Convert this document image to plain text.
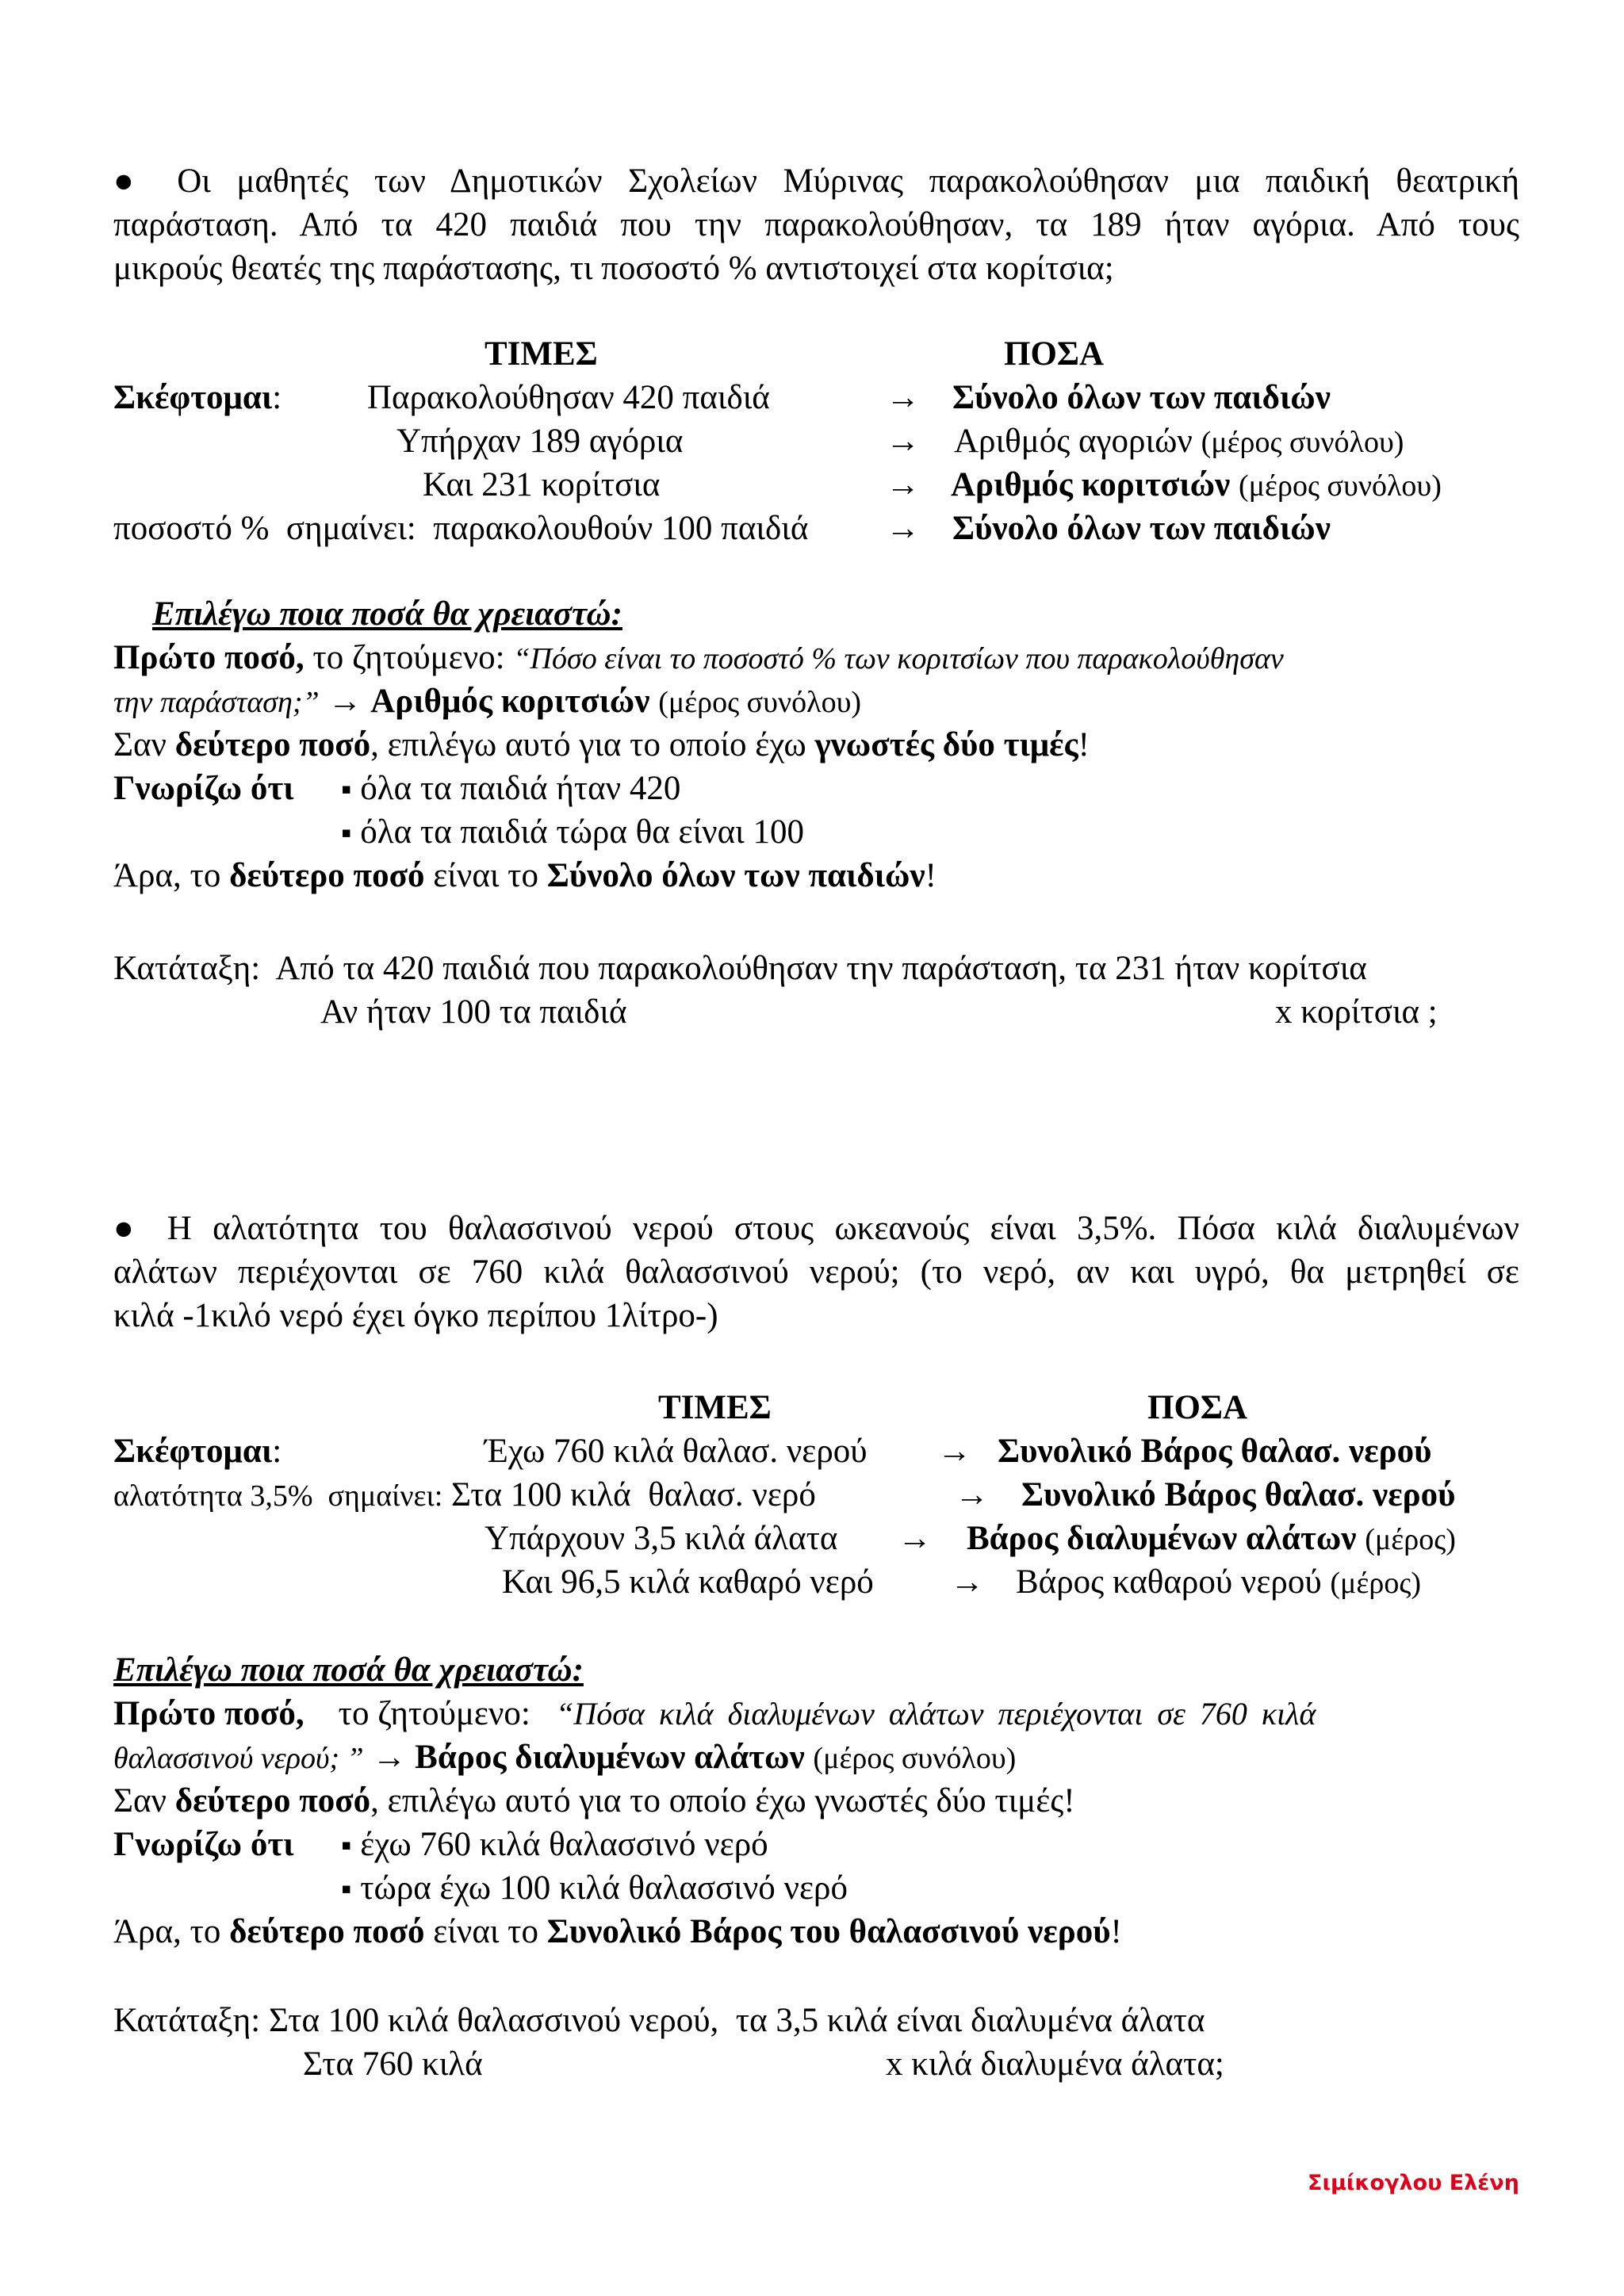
● Οι μαθητές των Δημοτικών Σχολείων Μύρινας παρακολούθησαν μια παιδική θεατρική
παράσταση. Από τα 420 παιδιά που την παρακολούθησαν, τα 189 ήταν αγόρια. Από τους
μικρούς θεατές της παράστασης, τι ποσοστό % αντιστοιχεί στα κορίτσια;
ΤΙΜΕΣ	ΠΟΣΑ
Σκέφτομαι:	Παρακολούθησαν 420 παιδιά	→ Σύνολο όλων των παιδιών
Υπήρχαν 189 αγόρια	→ Αριθμός αγοριών (μέρος συνόλου)
Και 231 κορίτσια	→ Αριθμός κοριτσιών (μέρος συνόλου)
ποσοστό %  σημαίνει: παρακολουθούν 100 παιδιά → Σύνολο όλων των παιδιών
Επιλέγω ποια ποσά θα χρειαστώ:
Πρώτο ποσό, το ζητούμενο: “Πόσο είναι το ποσοστό % των κοριτσίων που παρακολούθησαν
την παράσταση;” → Αριθμός κοριτσιών (μέρος συνόλου)
Σαν δεύτερο ποσό, επιλέγω αυτό για το οποίο έχω γνωστές δύο τιμές!
Γνωρίζω ότι ▪ όλα τα παιδιά ήταν 420
▪ όλα τα παιδιά τώρα θα είναι 100
Άρα, το δεύτερο ποσό είναι το Σύνολο όλων των παιδιών!
Κατάταξη:  Από τα 420 παιδιά που παρακολούθησαν την παράσταση, τα 231 ήταν κορίτσια
Αν ήταν 100 τα παιδιά	x κορίτσια ;
● Η αλατότητα του θαλασσινού νερού στους ωκεανούς είναι 3,5%. Πόσα κιλά διαλυμένων
αλάτων περιέχονται σε 760 κιλά θαλασσινού νερού; (το νερό, αν και υγρό, θα μετρηθεί σε
κιλά -1κιλό νερό έχει όγκο περίπου 1λίτρο-)
ΤΙΜΕΣ	ΠΟΣΑ
Σκέφτομαι:	Έχω 760 κιλά θαλασ. νερού → Συνολικό Βάρος θαλασ. νερού
αλατότητα 3,5%  σημαίνει: Στα 100 κιλά  θαλασ. νερό	→ Συνολικό Βάρος θαλασ. νερού
Υπάρχουν 3,5 κιλά άλατα → Βάρος διαλυμένων αλάτων (μέρος)
Και 96,5 κιλά καθαρό νερό → Βάρος καθαρού νερού (μέρος)
Επιλέγω ποια ποσά θα χρειαστώ:
Πρώτο ποσό, το ζητούμενο: “Πόσα κιλά διαλυμένων αλάτων περιέχονται σε 760 κιλά
θαλασσινού νερού; ” → Βάρος διαλυμένων αλάτων (μέρος συνόλου)
Σαν δεύτερο ποσό, επιλέγω αυτό για το οποίο έχω γνωστές δύο τιμές!
Γνωρίζω ότι ▪ έχω 760 κιλά θαλασσινό νερό
▪ τώρα έχω 100 κιλά θαλασσινό νερό
Άρα, το δεύτερο ποσό είναι το Συνολικό Βάρος του θαλασσινού νερού!
Κατάταξη: Στα 100 κιλά θαλασσινού νερού,  τα 3,5 κιλά είναι διαλυμένα άλατα
Στα 760 κιλά	x κιλά διαλυμένα άλατα;
Σιμίκογλου Ελένη
